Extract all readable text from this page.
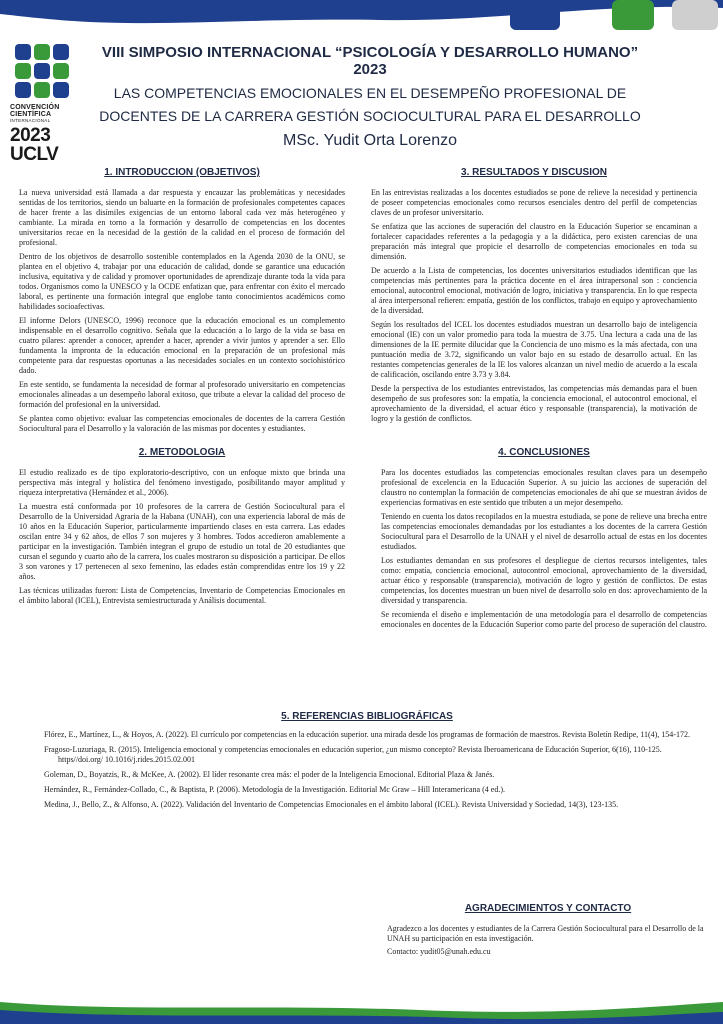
CONVENCIÓN CIENTÍFICA
INTERNACIONAL
2023
UCLV
VIII SIMPOSIO INTERNACIONAL “PSICOLOGÍA Y DESARROLLO HUMANO”
2023
LAS COMPETENCIAS EMOCIONALES EN EL DESEMPEÑO PROFESIONAL DE
DOCENTES DE LA CARRERA GESTIÓN SOCIOCULTURAL PARA EL DESARROLLO
MSc. Yudit Orta Lorenzo
1. INTRODUCCION (OBJETIVOS)

La nueva universidad está llamada a dar respuesta y encauzar las problemáticas y necesidades sentidas de los territorios, siendo un baluarte en la formación de profesionales competentes capaces de hacer frente a las disímiles exigencias de un entorno laboral cada vez más heterogéneo y cambiante. La mirada en torno a la formación y desarrollo de competencias en los docentes universitarios recae en la necesidad de la gestión de la calidad en el proceso de formación del profesional.

Dentro de los objetivos de desarrollo sostenible contemplados en la Agenda 2030 de la ONU, se plantea en el objetivo 4, trabajar por una educación de calidad, donde se garantice una educación inclusiva, equitativa y de calidad y promover oportunidades de aprendizaje durante toda la vida para todos. Organismos como la UNESCO y la OCDE enfatizan que, para enfrentar con éxito el mercado laboral, es pertinente una formación integral que englobe tanto conocimientos académicos como habilidades socioafectivas.

El informe Delors (UNESCO, 1996) reconoce que la educación emocional es un complemento indispensable en el desarrollo cognitivo. Señala que la educación a lo largo de la vida se basa en cuatro pilares: aprender a conocer, aprender a hacer, aprender a vivir juntos y aprender a ser. Ello fundamenta la impronta de la educación emocional en la preparación de un profesional más competente para dar respuestas oportunas a las necesidades sociales en un contexto sociohistórico dado.

En este sentido, se fundamenta la necesidad de formar al profesorado universitario en competencias emocionales alineadas a un desempeño laboral exitoso, que tribute a elevar la calidad del proceso de formación del profesional en la universidad.

Se plantea como objetivo: evaluar las competencias emocionales de docentes de la carrera Gestión Sociocultural para el Desarrollo y la valoración de las mismas por docentes y estudiantes.

2. METODOLOGIA

El estudio realizado es de tipo exploratorio-descriptivo, con un enfoque mixto que brinda una perspectiva más integral y holística del fenómeno investigado, posibilitando mayor amplitud y riqueza interpretativa (Hernández et al., 2006).

La muestra está conformada por 10 profesores de la carrera de Gestión Sociocultural para el Desarrollo de la Universidad Agraria de la Habana (UNAH), con una experiencia laboral de más de 10 años en la Educación Superior, particularmente impartiendo clases en esta carrera. Las edades oscilan entre 34 y 62 años, de ellos 7 son mujeres y 3 hombres. Todos accedieron amablemente a participar en la investigación. También integran el grupo de estudio un total de 20 estudiantes que cursan el segundo y cuarto año de la carrera, los cuales mostraron su disposición a participar. De ellos 3 son varones y 17 pertenecen al sexo femenino, las edades están comprendidas entre los 19 y 22 años.

Las técnicas utilizadas fueron: Lista de Competencias, Inventario de Competencias Emocionales en el ámbito laboral (ICEL), Entrevista semiestructurada y Análisis documental.

3. RESULTADOS Y DISCUSION

En las entrevistas realizadas a los docentes estudiados se pone de relieve la necesidad y pertinencia de poseer competencias emocionales como recursos esenciales dentro del perfil de competencias claves de un profesor universitario.

Se enfatiza que las acciones de superación del claustro en la Educación Superior se encaminan a fortalecer capacidades referentes a la pedagogía y a la didáctica, pero existen carencias de una preparación más integral que propicie el desarrollo de competencias emocionales en toda su dimensión.

De acuerdo a la Lista de competencias, los docentes universitarios estudiados identifican que las competencias más pertinentes para la práctica docente en el área intrapersonal son : conciencia emocional, autocontrol emocional, motivación de logro, iniciativa y transparencia. En lo que respecta al área interpersonal refieren: empatía, gestión de los conflictos, trabajo en equipo y aprovechamiento de la diversidad.

Según los resultados del ICEL los docentes estudiados muestran un desarrollo bajo de inteligencia emocional (IE) con un valor promedio para toda la muestra de 3.75. Una lectura a cada una de las dimensiones de la IE permite dilucidar que la Conciencia de uno mismo es la más afectada, con una puntuación media de 3.72, significando un valor bajo en su estado de desarrollo actual. En las restantes competencias generales de la IE los valores alcanzan un nivel medio de acuerdo a la escala de calificación, oscilando entre 3.73 y 3.84.

Desde la perspectiva de los estudiantes entrevistados, las competencias más demandas para el buen desempeño de sus profesores son: la empatía, la conciencia emocional, el autocontrol emocional, el aprovechamiento de la diversidad, el actuar ético y responsable (transparencia), la motivación de logro y la gestión de conflictos.

4. CONCLUSIONES

Para los docentes estudiados las competencias emocionales resultan claves para un desempeño profesional de excelencia en la Educación Superior. A su juicio las acciones de superación del claustro no contemplan la formación de competencias emocionales de ahí que se muestran ávidos de experiencias formativas en este sentido que tributen a un mejor desempeño.

Teniendo en cuenta los datos recopilados en la muestra estudiada, se pone de relieve una brecha entre las competencias emocionales demandadas por los estudiantes a los docentes de la carrera Gestión Sociocultural para el Desarrollo de la UNAH y el nivel de desarrollo actual de estas en los docentes estudiados.

Los estudiantes demandan en sus profesores el despliegue de ciertos recursos inteligentes, tales como: empatía, conciencia emocional, autocontrol emocional, aprovechamiento de la diversidad, actuar ético y responsable (transparencia), motivación de logro y gestión de conflictos. De estas competencias, los docentes muestran un buen nivel de desarrollo solo en dos: aprovechamiento de la diversidad y transparencia.

Se recomienda el diseño e implementación de una metodología para el desarrollo de competencias emocionales en docentes de la Educación Superior como parte del proceso de superación del claustro.

5. REFERENCIAS BIBLIOGRÁFICAS

Flórez, E., Martínez, L., & Hoyos, A. (2022). El currículo por competencias en la educación superior. una mirada desde los programas de formación de maestros. Revista Boletín Redipe, 11(4), 154-172.

Fragoso-Luzuriaga, R. (2015). Inteligencia emocional y competencias emocionales en educación superior, ¿un mismo concepto? Revista Iberoamericana de Educación Superior, 6(16), 110-125. https//doi.org/ 10.1016/j.rides.2015.02.001

Goleman, D., Boyatzis, R., & McKee, A. (2002). El líder resonante crea más: el poder de la Inteligencia Emocional. Editorial Plaza & Janés.

Hernández, R., Fernández-Collado, C., & Baptista, P. (2006). Metodología de la Investigación. Editorial Mc Graw – Hill Interamericana (4 ed.).

Medina, J., Bello, Z., & Alfonso, A. (2022). Validación del Inventario de Competencias Emocionales en el ámbito laboral (ICEL). Revista Universidad y Sociedad, 14(3), 123-135.

AGRADECIMIENTOS Y CONTACTO

Agradezco a los docentes y estudiantes de la Carrera Gestión Sociocultural para el Desarrollo de la UNAH su participación en esta investigación.

Contacto: yudit05@unah.edu.cu
